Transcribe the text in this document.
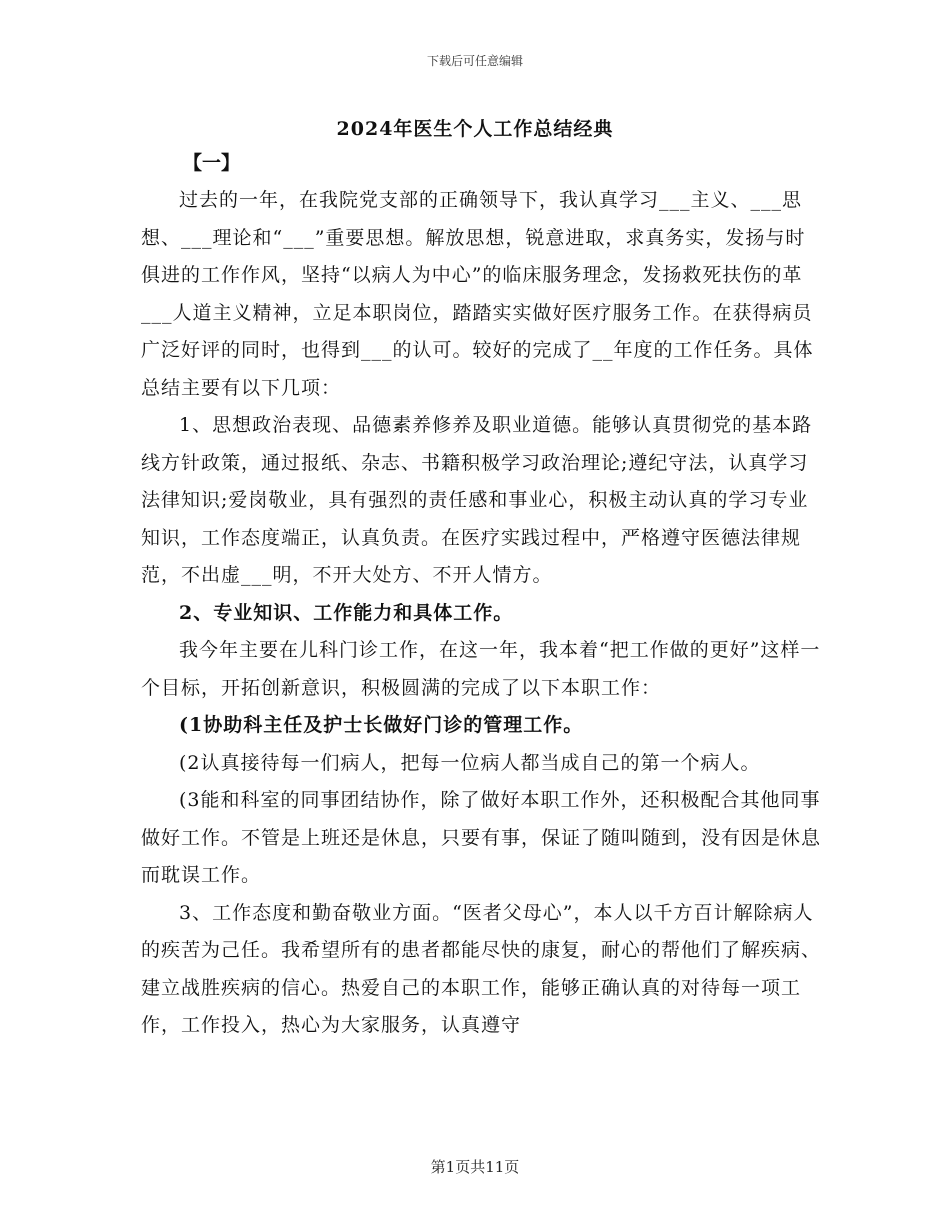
下载后可任意编辑
2024年医生个人工作总结经典
【一】

过去的一年，在我院党支部的正确领导下，我认真学习___主义、___思想、___理论和“___”重要思想。解放思想，锐意进取，求真务实，发扬与时俱进的工作作风，坚持“以病人为中心”的临床服务理念，发扬救死扶伤的革___人道主义精神，立足本职岗位，踏踏实实做好医疗服务工作。在获得病员广泛好评的同时，也得到___的认可。较好的完成了__年度的工作任务。具体总结主要有以下几项：

1、思想政治表现、品德素养修养及职业道德。能够认真贯彻党的基本路线方针政策，通过报纸、杂志、书籍积极学习政治理论;遵纪守法，认真学习法律知识;爱岗敬业，具有强烈的责任感和事业心，积极主动认真的学习专业知识，工作态度端正，认真负责。在医疗实践过程中，严格遵守医德法律规范，不出虚___明，不开大处方、不开人情方。

2、专业知识、工作能力和具体工作。

我今年主要在儿科门诊工作，在这一年，我本着“把工作做的更好”这样一个目标，开拓创新意识，积极圆满的完成了以下本职工作：

(1协助科主任及护士长做好门诊的管理工作。

(2认真接待每一们病人，把每一位病人都当成自己的第一个病人。

(3能和科室的同事团结协作，除了做好本职工作外，还积极配合其他同事做好工作。不管是上班还是休息，只要有事，保证了随叫随到，没有因是休息而耽误工作。

3、工作态度和勤奋敬业方面。“医者父母心”，本人以千方百计解除病人的疾苦为己任。我希望所有的患者都能尽快的康复，耐心的帮他们了解疾病、建立战胜疾病的信心。热爱自己的本职工作，能够正确认真的对待每一项工作，工作投入，热心为大家服务，认真遵守

第1页共11页
